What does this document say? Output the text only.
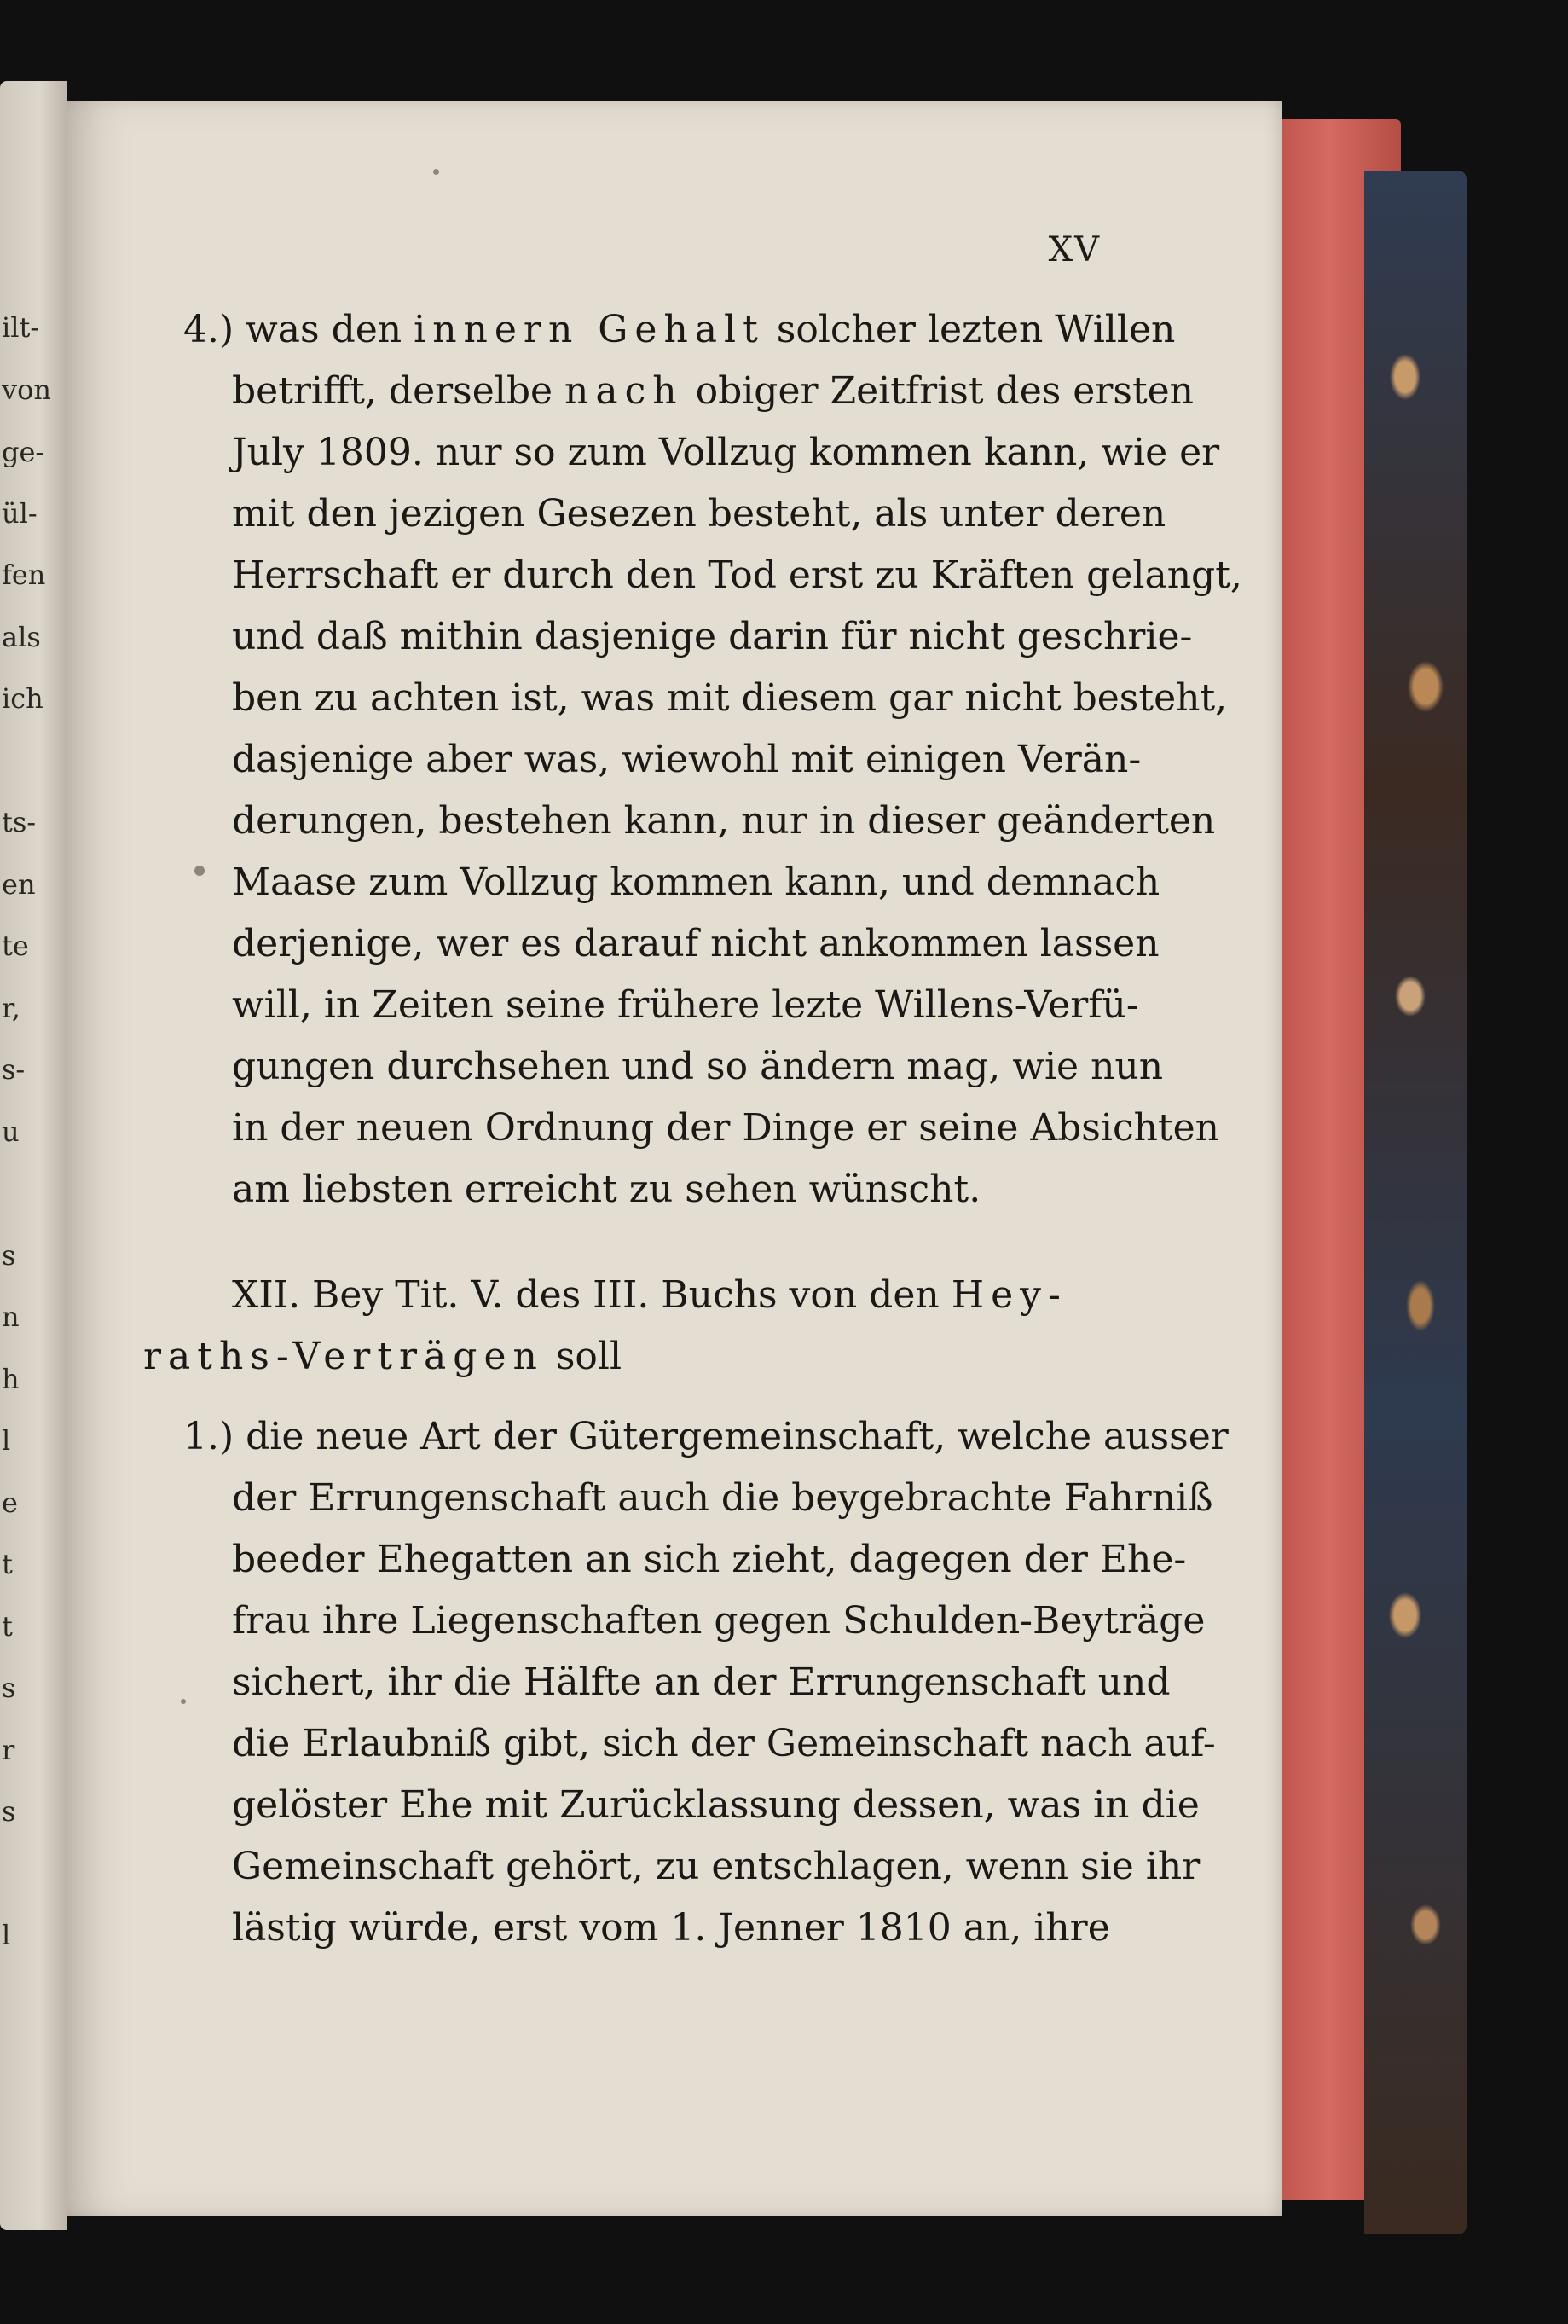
ilt-
von
ge-
ül-
fen
als
ich
ts-
en
te
r,
s-
u
s
n
h
l
e
t
t
s
r
s
l
XV
4.) was den innern Gehalt solcher lezten Willen
betrifft, derselbe nach obiger Zeitfrist des ersten
July 1809. nur so zum Vollzug kommen kann, wie er
mit den jezigen Gesezen besteht, als unter deren
Herrschaft er durch den Tod erst zu Kräften gelangt,
und daß mithin dasjenige darin für nicht geschrie-
ben zu achten ist, was mit diesem gar nicht besteht,
dasjenige aber was, wiewohl mit einigen Verän-
derungen, bestehen kann, nur in dieser geänderten
Maase zum Vollzug kommen kann, und demnach
derjenige, wer es darauf nicht ankommen lassen
will, in Zeiten seine frühere lezte Willens-Verfü-
gungen durchsehen und so ändern mag, wie nun
in der neuen Ordnung der Dinge er seine Absichten
am liebsten erreicht zu sehen wünscht.
XII. Bey Tit. V. des III. Buchs von den Hey-
raths-Verträgen soll
1.) die neue Art der Gütergemeinschaft, welche ausser
der Errungenschaft auch die beygebrachte Fahrniß
beeder Ehegatten an sich zieht, dagegen der Ehe-
frau ihre Liegenschaften gegen Schulden-Beyträge
sichert, ihr die Hälfte an der Errungenschaft und
die Erlaubniß gibt, sich der Gemeinschaft nach auf-
gelöster Ehe mit Zurücklassung dessen, was in die
Gemeinschaft gehört, zu entschlagen, wenn sie ihr
lästig würde, erst vom 1. Jenner 1810 an, ihre
